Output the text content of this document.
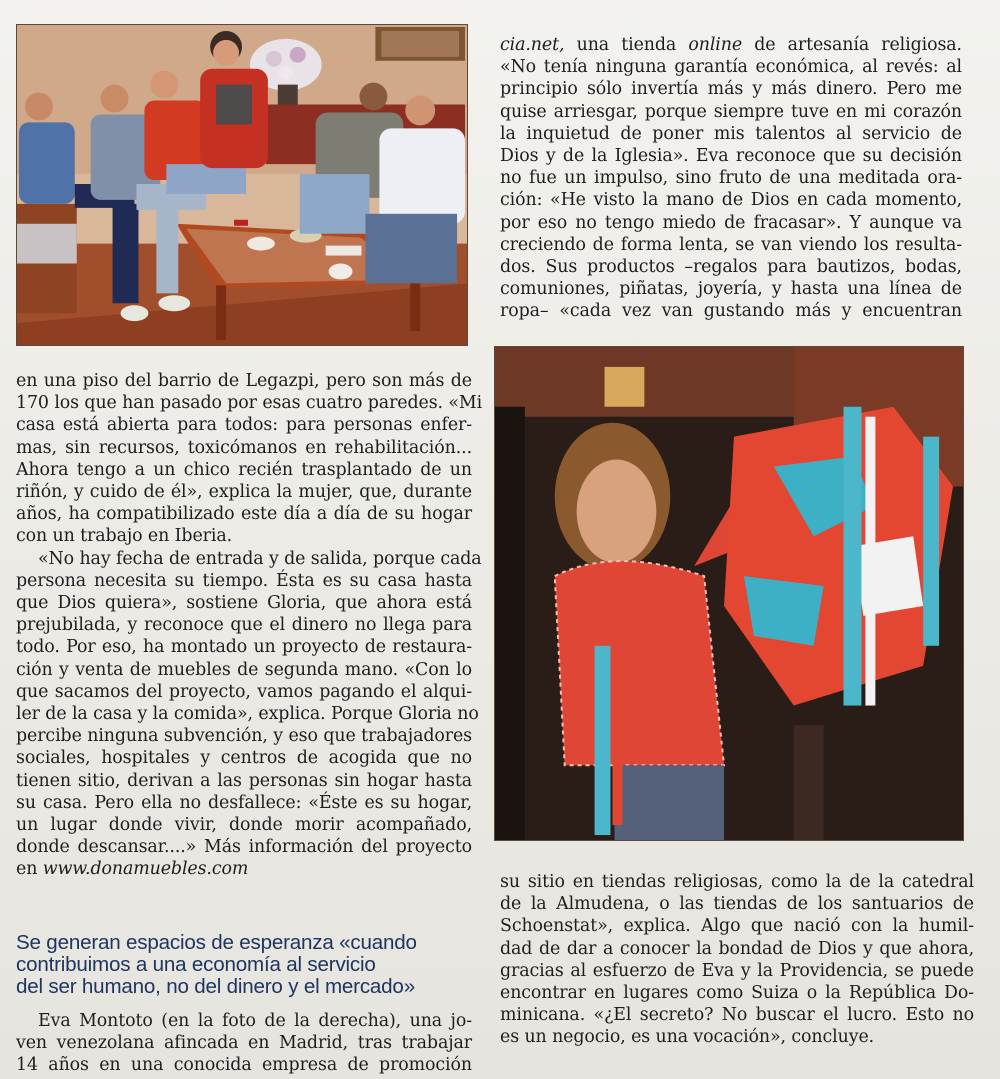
cia.net, una tienda online de artesanía religiosa.
«No tenía ninguna garantía económica, al revés: al
principio sólo invertía más y más dinero. Pero me
quise arriesgar, porque siempre tuve en mi corazón
la inquietud de poner mis talentos al servicio de
Dios y de la Iglesia». Eva reconoce que su decisión
no fue un impulso, sino fruto de una meditada ora-
ción: «He visto la mano de Dios en cada momento,
por eso no tengo miedo de fracasar». Y aunque va
creciendo de forma lenta, se van viendo los resulta-
dos. Sus productos –regalos para bautizos, bodas,
comuniones, piñatas, joyería, y hasta una línea de
ropa– «cada vez van gustando más y encuentran
en una piso del barrio de Legazpi, pero son más de
170 los que han pasado por esas cuatro paredes. «Mi
casa está abierta para todos: para personas enfer-
mas, sin recursos, toxicómanos en rehabilitación...
Ahora tengo a un chico recién trasplantado de un
riñón, y cuido de él», explica la mujer, que, durante
años, ha compatibilizado este día a día de su hogar
con un trabajo en Iberia.
«No hay fecha de entrada y de salida, porque cada
persona necesita su tiempo. Ésta es su casa hasta
que Dios quiera», sostiene Gloria, que ahora está
prejubilada, y reconoce que el dinero no llega para
todo. Por eso, ha montado un proyecto de restaura-
ción y venta de muebles de segunda mano. «Con lo
que sacamos del proyecto, vamos pagando el alqui-
ler de la casa y la comida», explica. Porque Gloria no
percibe ninguna subvención, y eso que trabajadores
sociales, hospitales y centros de acogida que no
tienen sitio, derivan a las personas sin hogar hasta
su casa. Pero ella no desfallece: «Éste es su hogar,
un lugar donde vivir, donde morir acompañado,
donde descansar....» Más información del proyecto
en www.donamuebles.com
Se generan espacios de esperanza «cuando
contribuimos a una economía al servicio
del ser humano, no del dinero y el mercado»
Eva Montoto (en la foto de la derecha), una jo-
ven venezolana afincada en Madrid, tras trabajar
14 años en una conocida empresa de promoción
su sitio en tiendas religiosas, como la de la catedral
de la Almudena, o las tiendas de los santuarios de
Schoenstat», explica. Algo que nació con la humil-
dad de dar a conocer la bondad de Dios y que ahora,
gracias al esfuerzo de Eva y la Providencia, se puede
encontrar en lugares como Suiza o la República Do-
minicana. «¿El secreto? No buscar el lucro. Esto no
es un negocio, es una vocación», concluye.
